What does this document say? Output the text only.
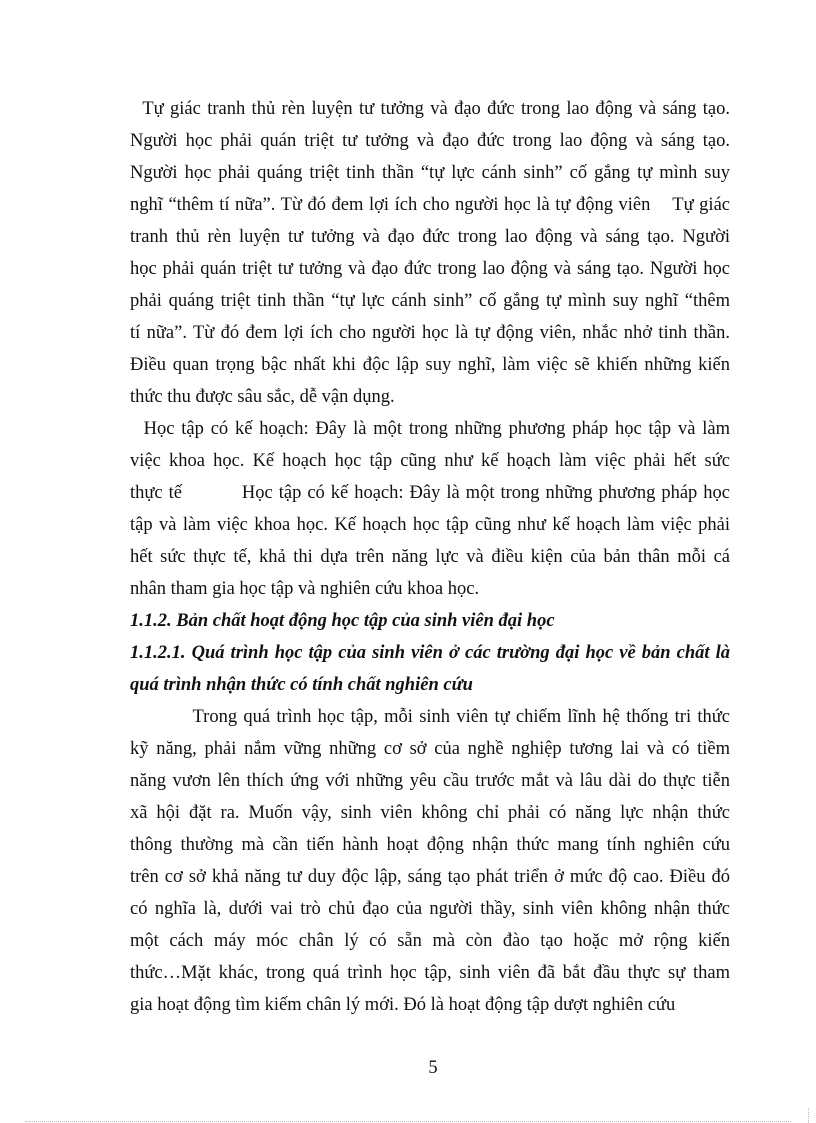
Tự giác tranh thủ rèn luyện tư tưởng và đạo đức trong lao động và sáng tạo.
Người học phải quán triệt tư tưởng và đạo đức trong lao động và sáng tạo.
Người học phải quáng triệt tinh thần “tự lực cánh sinh” cố gắng tự mình suy
nghĩ “thêm tí nữa”. Từ đó đem lợi ích cho người học là tự động viên    Tự giác
tranh thủ rèn luyện tư tưởng và đạo đức trong lao động và sáng tạo. Người
học phải quán triệt tư tưởng và đạo đức trong lao động và sáng tạo. Người học
phải quáng triệt tinh thần “tự lực cánh sinh” cố gắng tự mình suy nghĩ “thêm
tí nữa”. Từ đó đem lợi ích cho người học là tự động viên, nhắc nhở tinh thần.
Điều quan trọng bậc nhất khi độc lập suy nghĩ, làm việc sẽ khiến những kiến
thức thu được sâu sắc, dễ vận dụng.
Học tập có kế hoạch: Đây là một trong những phương pháp học tập và làm
việc khoa học. Kế hoạch học tập cũng như kế hoạch làm việc phải hết sức
thực tế          Học tập có kế hoạch: Đây là một trong những phương pháp học
tập và làm việc khoa học. Kế hoạch học tập cũng như kế hoạch làm việc phải
hết sức thực tế, khả thi dựa trên năng lực và điều kiện của bản thân mỗi cá
nhân tham gia học tập và nghiên cứu khoa học.
1.1.2. Bản chất hoạt động học tập của sinh viên đại học
1.1.2.1. Quá trình học tập của sinh viên ở các trường đại học về bản chất là
quá trình nhận thức có tính chất nghiên cứu
Trong quá trình học tập, mỗi sinh viên tự chiếm lĩnh hệ thống tri thức
kỹ năng, phải nắm vững những cơ sở của nghề nghiệp tương lai và có tiềm
năng vươn lên thích ứng với những yêu cầu trước mắt và lâu dài do thực tiễn
xã hội đặt ra. Muốn vậy, sinh viên không chỉ phải có năng lực nhận thức
thông thường mà cần tiến hành hoạt động nhận thức mang tính nghiên cứu
trên cơ sở khả năng tư duy độc lập, sáng tạo phát triển ở mức độ cao. Điều đó
có nghĩa là, dưới vai trò chủ đạo của người thầy, sinh viên không nhận thức
một cách máy móc chân lý có sẵn mà còn đào tạo hoặc mở rộng kiến
thức…Mặt khác, trong quá trình học tập, sinh viên đã bắt đầu thực sự tham
gia hoạt động tìm kiếm chân lý mới. Đó là hoạt động tập dượt nghiên cứu
5
